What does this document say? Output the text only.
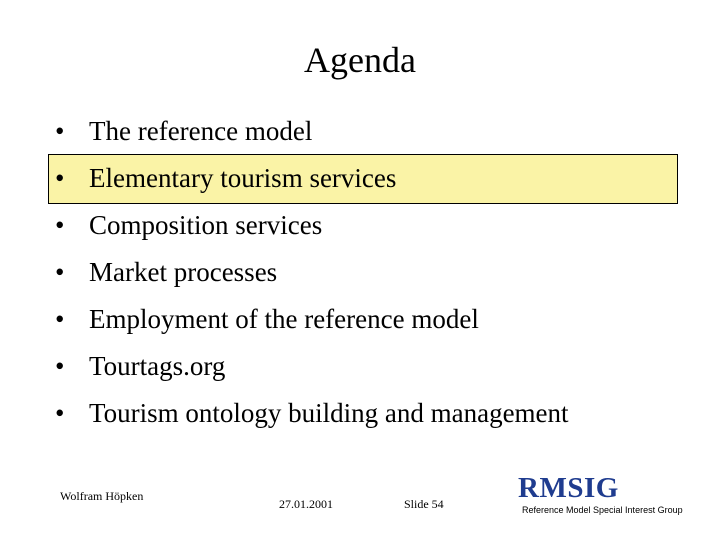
Agenda
• The reference model
• Elementary tourism services
• Composition services
• Market processes
• Employment of the reference model
• Tourtags.org
• Tourism ontology building and management
Wolfram Höpken
27.01.2001	Slide 54	RMSIG
Reference Model Special Interest Group
